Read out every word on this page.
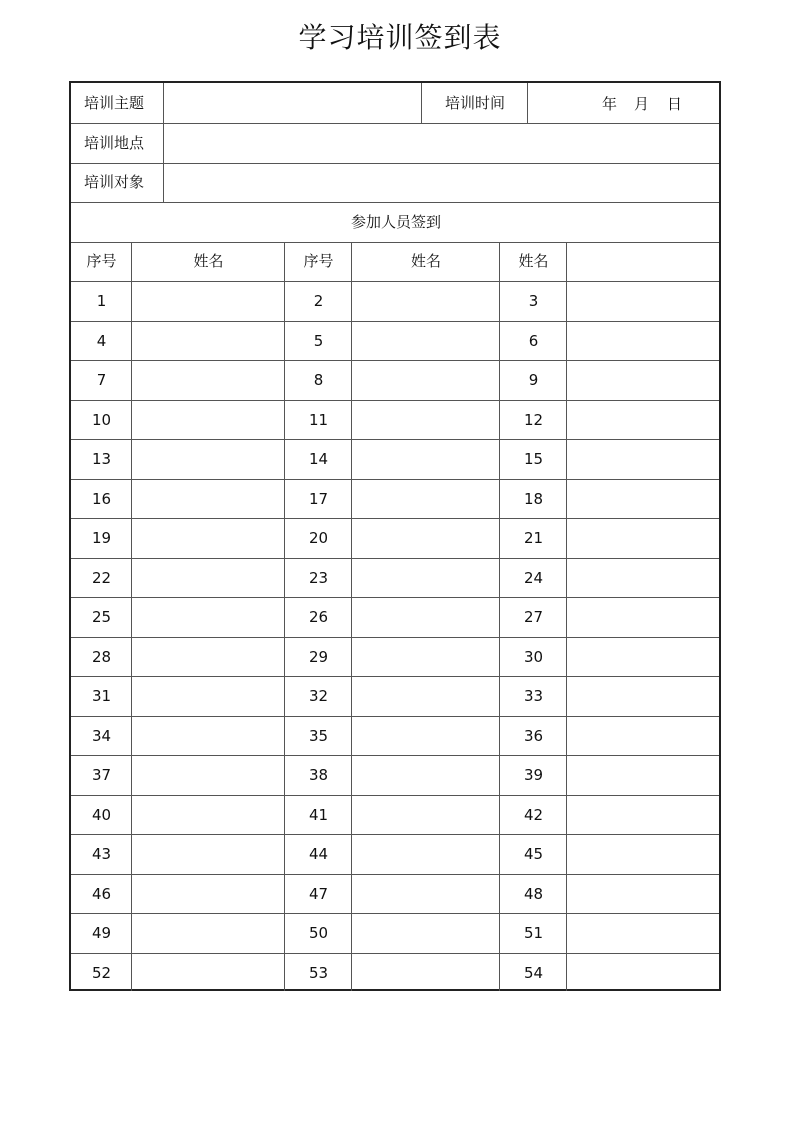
学习培训签到表
培训主题	培训时间	年 月 日
培训地点
培训对象
参加人员签到
序号	姓名	序号	姓名	姓名
1	2	3
4	5	6
7	8	9
10	11	12
13	14	15
16	17	18
19	20	21
22	23	24
25	26	27
28	29	30
31	32	33
34	35	36
37	38	39
40	41	42
43	44	45
46	47	48
49	50	51
52	53	54
